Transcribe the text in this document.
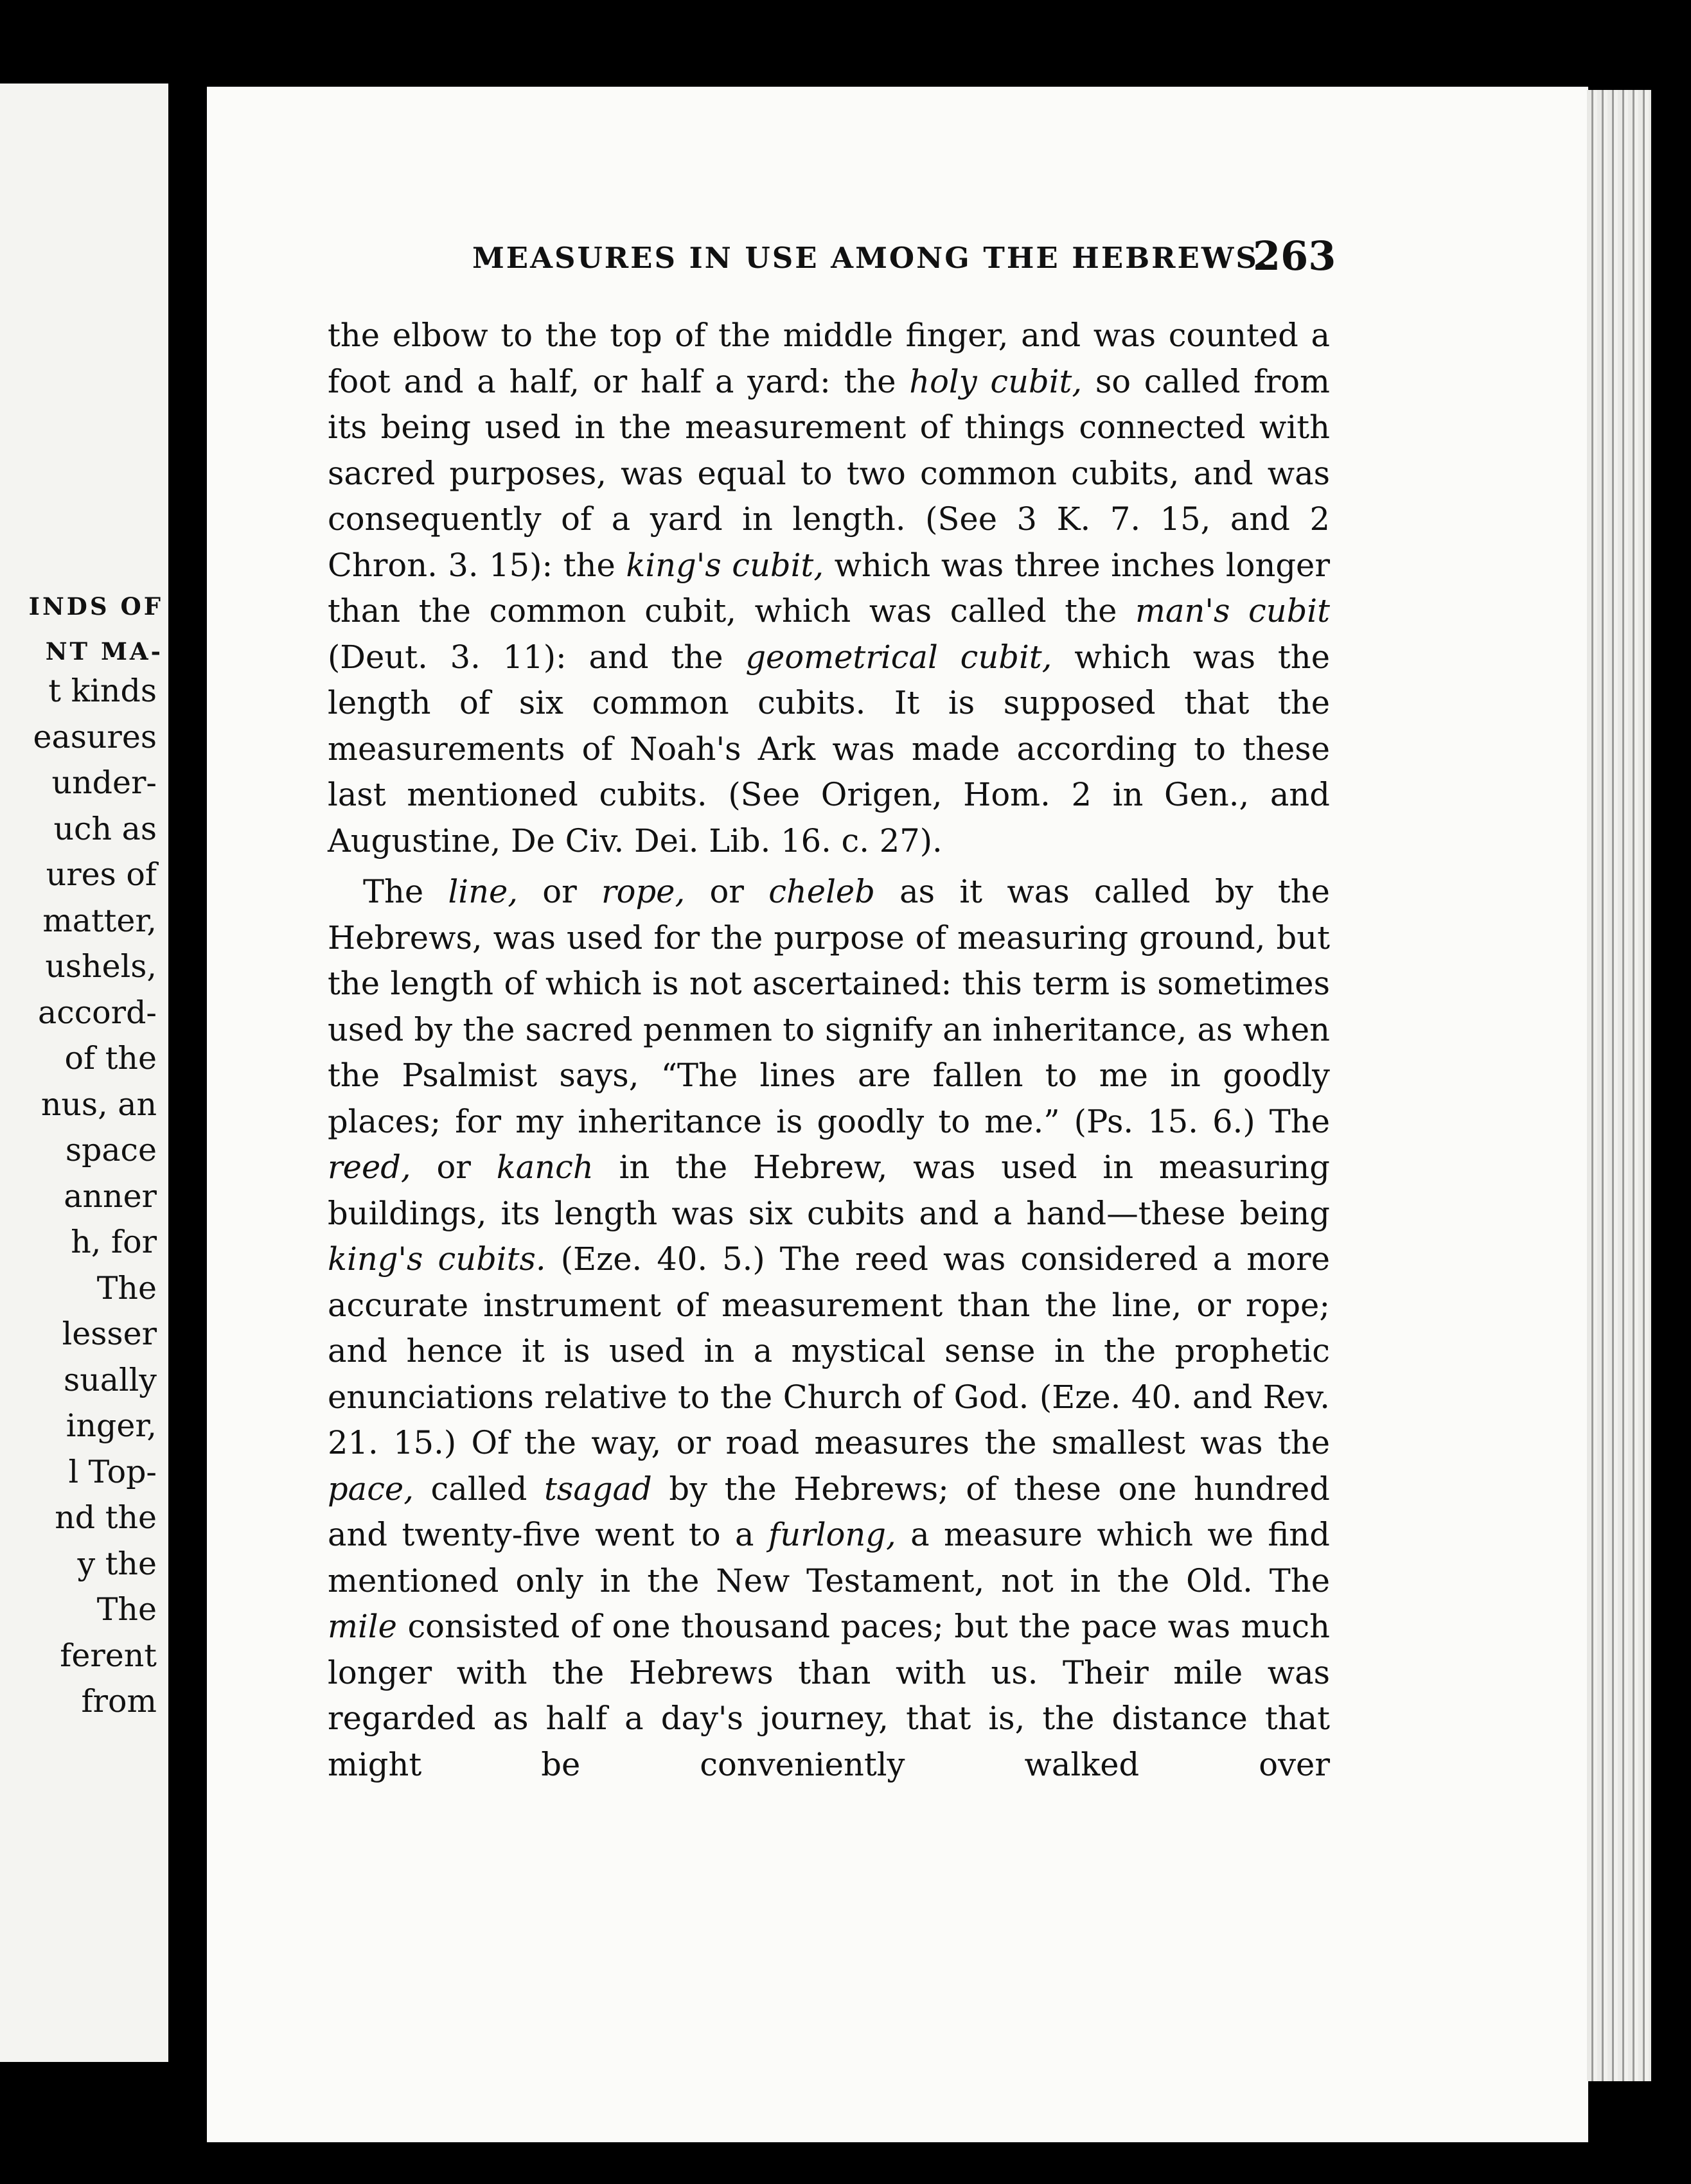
INDS OF
NT MA-
t kinds
easures
under-
uch as
ures of
matter,
ushels,
accord-
of the
nus, an
space
anner
h, for
The
lesser
sually
inger,
l Top-
nd the
y the
The
ferent
from
MEASURES IN USE AMONG THE HEBREWS.
263

the elbow to the top of the middle finger, and was counted a foot and a half, or half a yard: the holy cubit, so called from its being used in the measurement of things connected with sacred purposes, was equal to two common cubits, and was consequently of a yard in length. (See 3 K. 7. 15, and 2 Chron. 3. 15): the king's cubit, which was three inches longer than the common cubit, which was called the man's cubit (Deut. 3. 11): and the geometrical cubit, which was the length of six common cubits. It is supposed that the measurements of Noah's Ark was made according to these last mentioned cubits. (See Origen, Hom. 2 in Gen., and Augustine, De Civ. Dei. Lib. 16. c. 27).

The line, or rope, or cheleb as it was called by the Hebrews, was used for the purpose of measuring ground, but the length of which is not ascertained: this term is sometimes used by the sacred penmen to signify an inheritance, as when the Psalmist says, “The lines are fallen to me in goodly places; for my inheritance is goodly to me.” (Ps. 15. 6.) The reed, or kanch in the Hebrew, was used in measuring buildings, its length was six cubits and a hand—these being king's cubits. (Eze. 40. 5.) The reed was considered a more accurate instrument of measurement than the line, or rope; and hence it is used in a mystical sense in the prophetic enunciations relative to the Church of God. (Eze. 40. and Rev. 21. 15.) Of the way, or road measures the smallest was the pace, called tsagad by the Hebrews; of these one hundred and twenty-five went to a furlong, a measure which we find mentioned only in the New Testament, not in the Old. The mile consisted of one thousand paces; but the pace was much longer with the Hebrews than with us. Their mile was regarded as half a day's journey, that is, the distance that might be conveniently walked over
